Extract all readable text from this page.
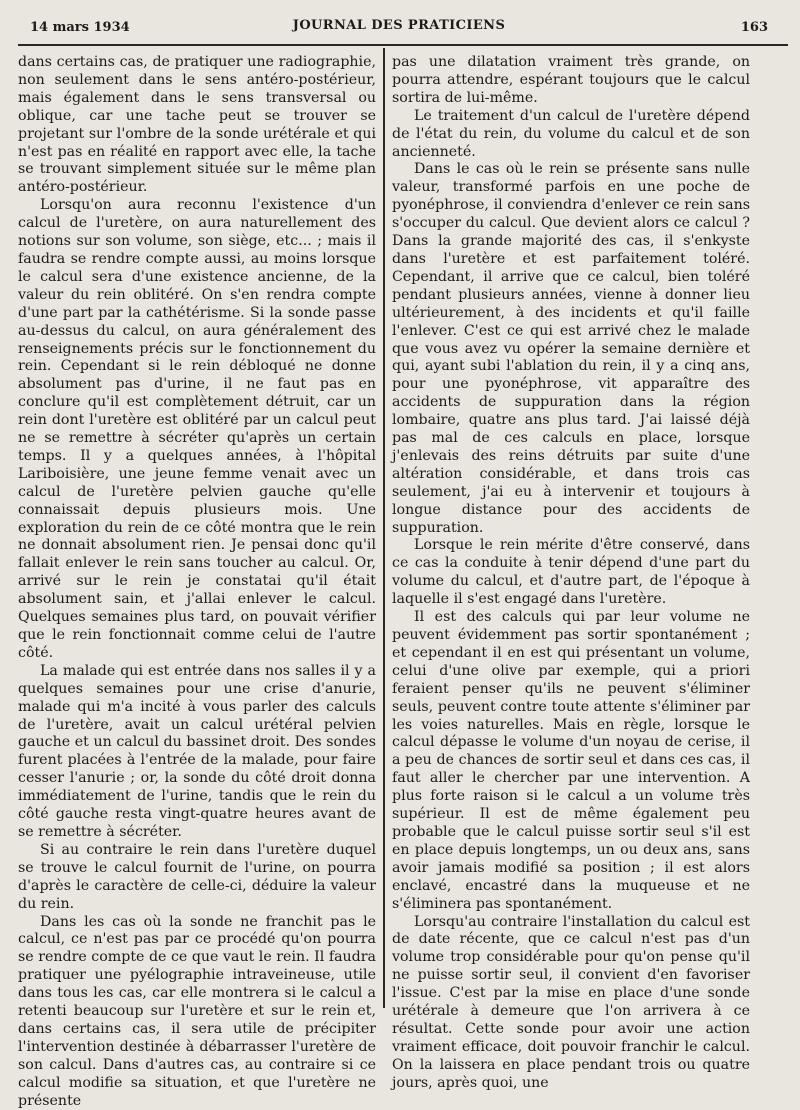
14 mars 1934	JOURNAL DES PRATICIENS	163

dans certains cas, de pratiquer une radiographie, non seulement dans le sens antéro-postérieur, mais également dans le sens transversal ou oblique, car une tache peut se trouver se projetant sur l'ombre de la sonde urétérale et qui n'est pas en réalité en rapport avec elle, la tache se trouvant simplement située sur le même plan antéro-postérieur.

Lorsqu'on aura reconnu l'existence d'un calcul de l'uretère, on aura naturellement des notions sur son volume, son siège, etc... ; mais il faudra se rendre compte aussi, au moins lorsque le calcul sera d'une existence ancienne, de la valeur du rein oblitéré. On s'en rendra compte d'une part par la cathétérisme. Si la sonde passe au-dessus du calcul, on aura généralement des renseignements précis sur le fonctionnement du rein. Cependant si le rein débloqué ne donne absolument pas d'urine, il ne faut pas en conclure qu'il est complètement détruit, car un rein dont l'uretère est oblitéré par un calcul peut ne se remettre à sécréter qu'après un certain temps. Il y a quelques années, à l'hôpital Lariboisière, une jeune femme venait avec un calcul de l'uretère pelvien gauche qu'elle connaissait depuis plusieurs mois. Une exploration du rein de ce côté montra que le rein ne donnait absolument rien. Je pensai donc qu'il fallait enlever le rein sans toucher au calcul. Or, arrivé sur le rein je constatai qu'il était absolument sain, et j'allai enlever le calcul. Quelques semaines plus tard, on pouvait vérifier que le rein fonctionnait comme celui de l'autre côté.

La malade qui est entrée dans nos salles il y a quelques semaines pour une crise d'anurie, malade qui m'a incité à vous parler des calculs de l'uretère, avait un calcul urétéral pelvien gauche et un calcul du bassinet droit. Des sondes furent placées à l'entrée de la malade, pour faire cesser l'anurie ; or, la sonde du côté droit donna immédiatement de l'urine, tandis que le rein du côté gauche resta vingt-quatre heures avant de se remettre à sécréter.

Si au contraire le rein dans l'uretère duquel se trouve le calcul fournit de l'urine, on pourra d'après le caractère de celle-ci, déduire la valeur du rein.

Dans les cas où la sonde ne franchit pas le calcul, ce n'est pas par ce procédé qu'on pourra se rendre compte de ce que vaut le rein. Il faudra pratiquer une pyélographie intraveineuse, utile dans tous les cas, car elle montrera si le calcul a retenti beaucoup sur l'uretère et sur le rein et, dans certains cas, il sera utile de précipiter l'intervention destinée à débarrasser l'uretère de son calcul. Dans d'autres cas, au contraire si ce calcul modifie sa situation, et que l'uretère ne présente

pas une dilatation vraiment très grande, on pourra attendre, espérant toujours que le calcul sortira de lui-même.

Le traitement d'un calcul de l'uretère dépend de l'état du rein, du volume du calcul et de son ancienneté.

Dans le cas où le rein se présente sans nulle valeur, transformé parfois en une poche de pyonéphrose, il conviendra d'enlever ce rein sans s'occuper du calcul. Que devient alors ce calcul ? Dans la grande majorité des cas, il s'enkyste dans l'uretère et est parfaitement toléré. Cependant, il arrive que ce calcul, bien toléré pendant plusieurs années, vienne à donner lieu ultérieurement, à des incidents et qu'il faille l'enlever. C'est ce qui est arrivé chez le malade que vous avez vu opérer la semaine dernière et qui, ayant subi l'ablation du rein, il y a cinq ans, pour une pyonéphrose, vit apparaître des accidents de suppuration dans la région lombaire, quatre ans plus tard. J'ai laissé déjà pas mal de ces calculs en place, lorsque j'enlevais des reins détruits par suite d'une altération considérable, et dans trois cas seulement, j'ai eu à intervenir et toujours à longue distance pour des accidents de suppuration.

Lorsque le rein mérite d'être conservé, dans ce cas la conduite à tenir dépend d'une part du volume du calcul, et d'autre part, de l'époque à laquelle il s'est engagé dans l'uretère.

Il est des calculs qui par leur volume ne peuvent évidemment pas sortir spontanément ; et cependant il en est qui présentant un volume, celui d'une olive par exemple, qui a priori feraient penser qu'ils ne peuvent s'éliminer seuls, peuvent contre toute attente s'éliminer par les voies naturelles. Mais en règle, lorsque le calcul dépasse le volume d'un noyau de cerise, il a peu de chances de sortir seul et dans ces cas, il faut aller le chercher par une intervention. A plus forte raison si le calcul a un volume très supérieur. Il est de même également peu probable que le calcul puisse sortir seul s'il est en place depuis longtemps, un ou deux ans, sans avoir jamais modifié sa position ; il est alors enclavé, encastré dans la muqueuse et ne s'éliminera pas spontanément.

Lorsqu'au contraire l'installation du calcul est de date récente, que ce calcul n'est pas d'un volume trop considérable pour qu'on pense qu'il ne puisse sortir seul, il convient d'en favoriser l'issue. C'est par la mise en place d'une sonde urétérale à demeure que l'on arrivera à ce résultat. Cette sonde pour avoir une action vraiment efficace, doit pouvoir franchir le calcul. On la laissera en place pendant trois ou quatre jours, après quoi, une
